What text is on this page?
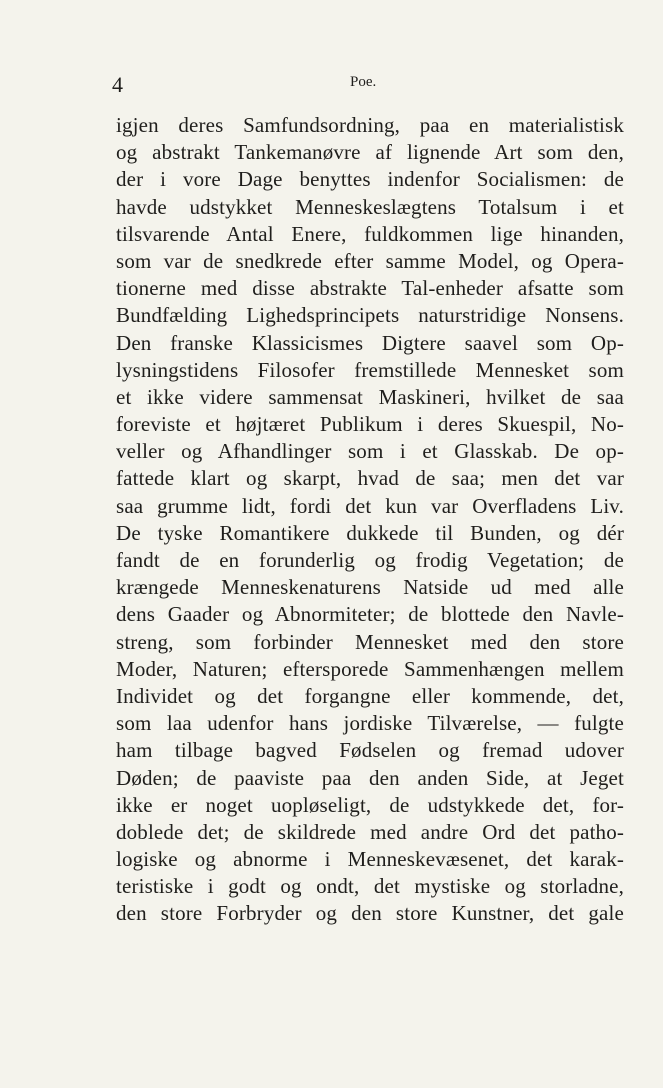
4	Poe.
igjen deres Samfundsordning, paa en materialistisk
og abstrakt Tankemanøvre af lignende Art som den,
der i vore Dage benyttes indenfor Socialismen: de
havde udstykket Menneskeslægtens Totalsum i et
tilsvarende Antal Enere, fuldkommen lige hinanden,
som var de snedkrede efter samme Model, og Opera-
tionerne med disse abstrakte Tal-enheder afsatte som
Bundfælding Lighedsprincipets naturstridige Nonsens.
Den franske Klassicismes Digtere saavel som Op-
lysningstidens Filosofer fremstillede Mennesket som
et ikke videre sammensat Maskineri, hvilket de saa
foreviste et højtæret Publikum i deres Skuespil, No-
veller og Afhandlinger som i et Glasskab. De op-
fattede klart og skarpt, hvad de saa; men det var
saa grumme lidt, fordi det kun var Overfladens Liv.
De tyske Romantikere dukkede til Bunden, og dér
fandt de en forunderlig og frodig Vegetation; de
krængede Menneskenaturens Natside ud med alle
dens Gaader og Abnormiteter; de blottede den Navle-
streng, som forbinder Mennesket med den store
Moder, Naturen; eftersporede Sammenhængen mellem
Individet og det forgangne eller kommende, det,
som laa udenfor hans jordiske Tilværelse, — fulgte
ham tilbage bagved Fødselen og fremad udover
Døden; de paaviste paa den anden Side, at Jeget
ikke er noget uopløseligt, de udstykkede det, for-
doblede det; de skildrede med andre Ord det patho-
logiske og abnorme i Menneskevæsenet, det karak-
teristiske i godt og ondt, det mystiske og storladne,
den store Forbryder og den store Kunstner, det gale
